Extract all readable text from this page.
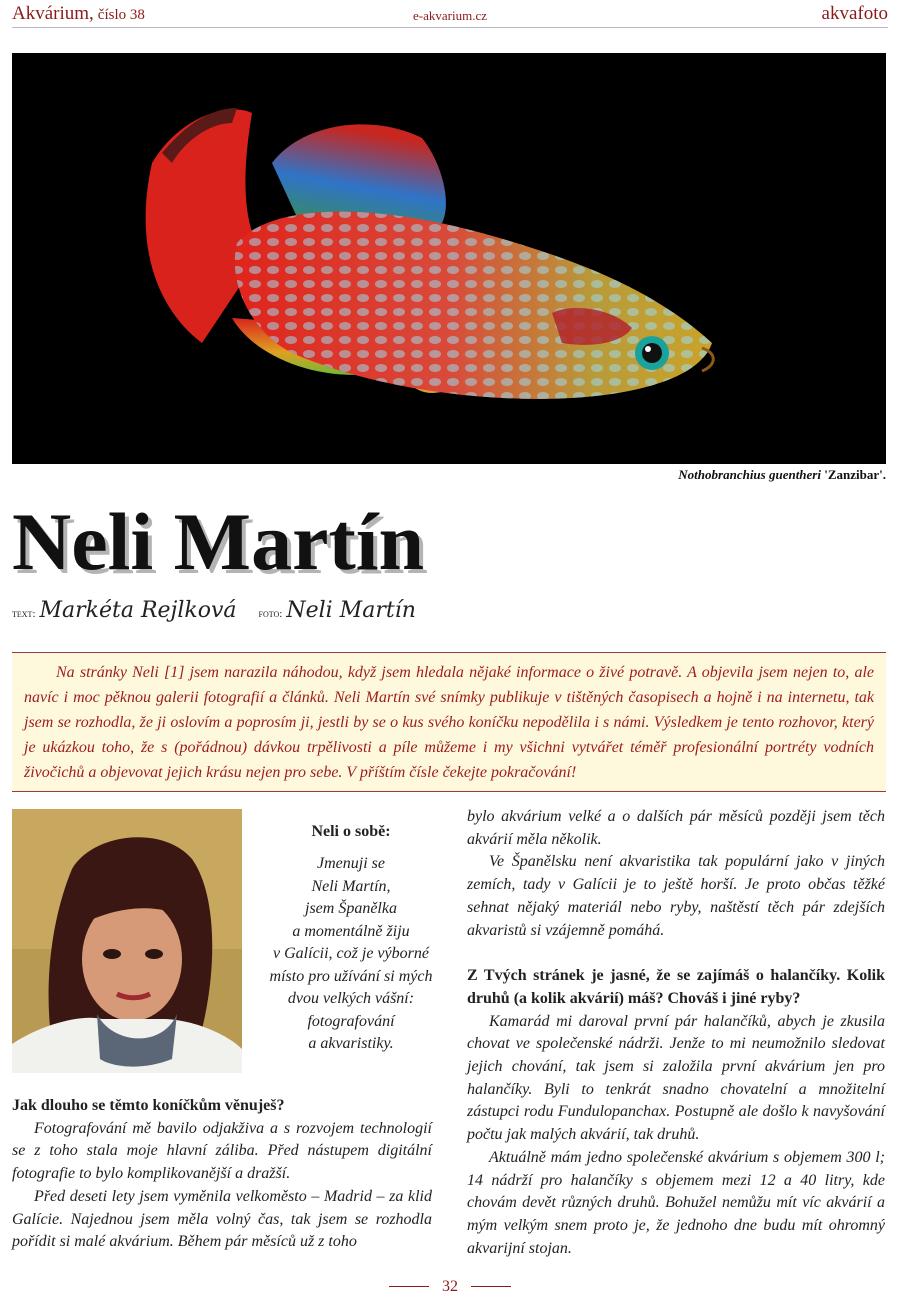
Akvárium, číslo 38	e-akvarium.cz	akvafoto
Nothobranchius guentheri 'Zanzibar'.
Neli Martín
text: Markéta Rejlková foto: Neli Martín

Na stránky Neli [1] jsem narazila náhodou, když jsem hledala nějaké informace o živé potravě. A objevila jsem nejen to, ale navíc i moc pěknou galerii fotografií a článků. Neli Martín své snímky publikuje v tištěných časopisech a hojně i na internetu, tak jsem se rozhodla, že ji oslovím a poprosím ji, jestli by se o kus svého koníčku nepodělila i s námi. Výsledkem je tento rozhovor, který je ukázkou toho, že s (pořádnou) dávkou trpělivosti a píle můžeme i my všichni vytvářet téměř profesionální portréty vodních živočichů a objevovat jejich krásu nejen pro sebe. V příštím čísle čekejte pokračování!

Neli o sobě:
Jmenuji se
Neli Martín,
jsem Španělka
a momentálně žiju
v Galícii, což je výborné
místo pro užívání si mých
dvou velkých vášní:
fotografování
a akvaristiky.

Jak dlouho se těmto koníčkům věnuješ?

Fotografování mě bavilo odjakživa a s rozvojem technologií se z toho stala moje hlavní záliba. Před nástupem digitální fotografie to bylo komplikovanější a dražší.

Před deseti lety jsem vyměnila velkoměsto – Madrid – za klid Galície. Najednou jsem měla volný čas, tak jsem se rozhodla pořídit si malé akvárium. Během pár měsíců už z toho

bylo akvárium velké a o dalších pár měsíců později jsem těch akvárií měla několik.

Ve Španělsku není akvaristika tak populární jako v jiných zemích, tady v Galícii je to ještě horší. Je proto občas těžké sehnat nějaký materiál nebo ryby, naštěstí těch pár zdejších akvaristů si vzájemně pomáhá.

Z Tvých stránek je jasné, že se zajímáš o halančíky. Kolik druhů (a kolik akvárií) máš? Chováš i jiné ryby?

Kamarád mi daroval první pár halančíků, abych je zkusila chovat ve společenské nádrži. Jenže to mi neumožnilo sledovat jejich chování, tak jsem si založila první akvárium jen pro halančíky. Byli to tenkrát snadno chovatelní a množitelní zástupci rodu Fundulopanchax. Postupně ale došlo k navyšování počtu jak malých akvárií, tak druhů.

Aktuálně mám jedno společenské akvárium s objemem 300 l; 14 nádrží pro halančíky s objemem mezi 12 a 40 litry, kde chovám devět různých druhů. Bohužel nemůžu mít víc akvárií a mým velkým snem proto je, že jednoho dne budu mít ohromný akvarijní stojan.

32
